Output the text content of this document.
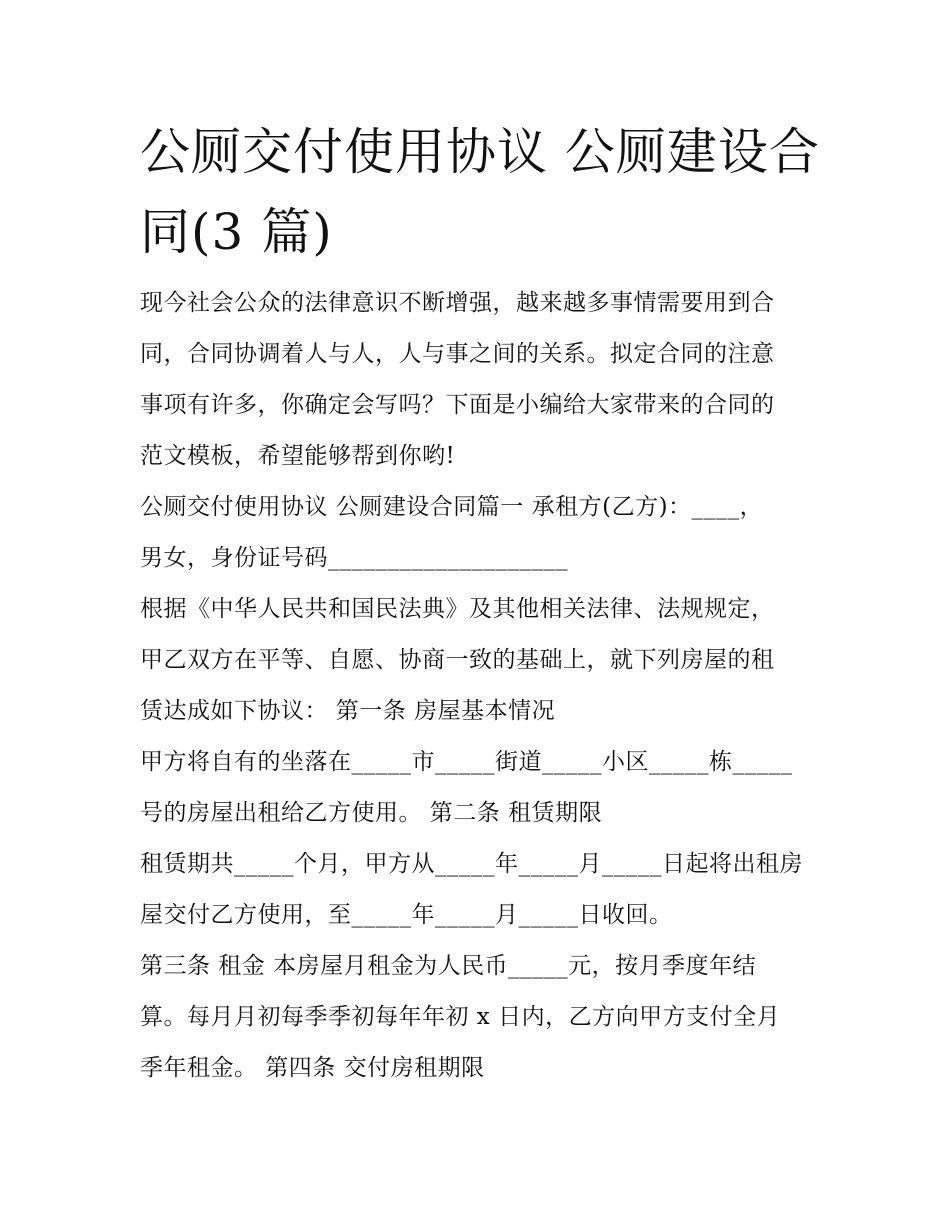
公厕交付使用协议 公厕建设合
同(3 篇)

现今社会公众的法律意识不断增强，越来越多事情需要用到合
同，合同协调着人与人，人与事之间的关系。拟定合同的注意
事项有许多，你确定会写吗？下面是小编给大家带来的合同的
范文模板，希望能够帮到你哟!

公厕交付使用协议 公厕建设合同篇一 承租方(乙方)：____，
男女，身份证号码____________________

根据《中华人民共和国民法典》及其他相关法律、法规规定，
甲乙双方在平等、自愿、协商一致的基础上，就下列房屋的租
赁达成如下协议： 第一条 房屋基本情况

甲方将自有的坐落在_____市_____街道_____小区_____栋_____
号的房屋出租给乙方使用。 第二条 租赁期限

租赁期共_____个月，甲方从_____年_____月_____日起将出租房
屋交付乙方使用，至_____年_____月_____日收回。

第三条 租金 本房屋月租金为人民币_____元，按月季度年结
算。每月月初每季季初每年年初 x 日内，乙方向甲方支付全月
季年租金。 第四条 交付房租期限
